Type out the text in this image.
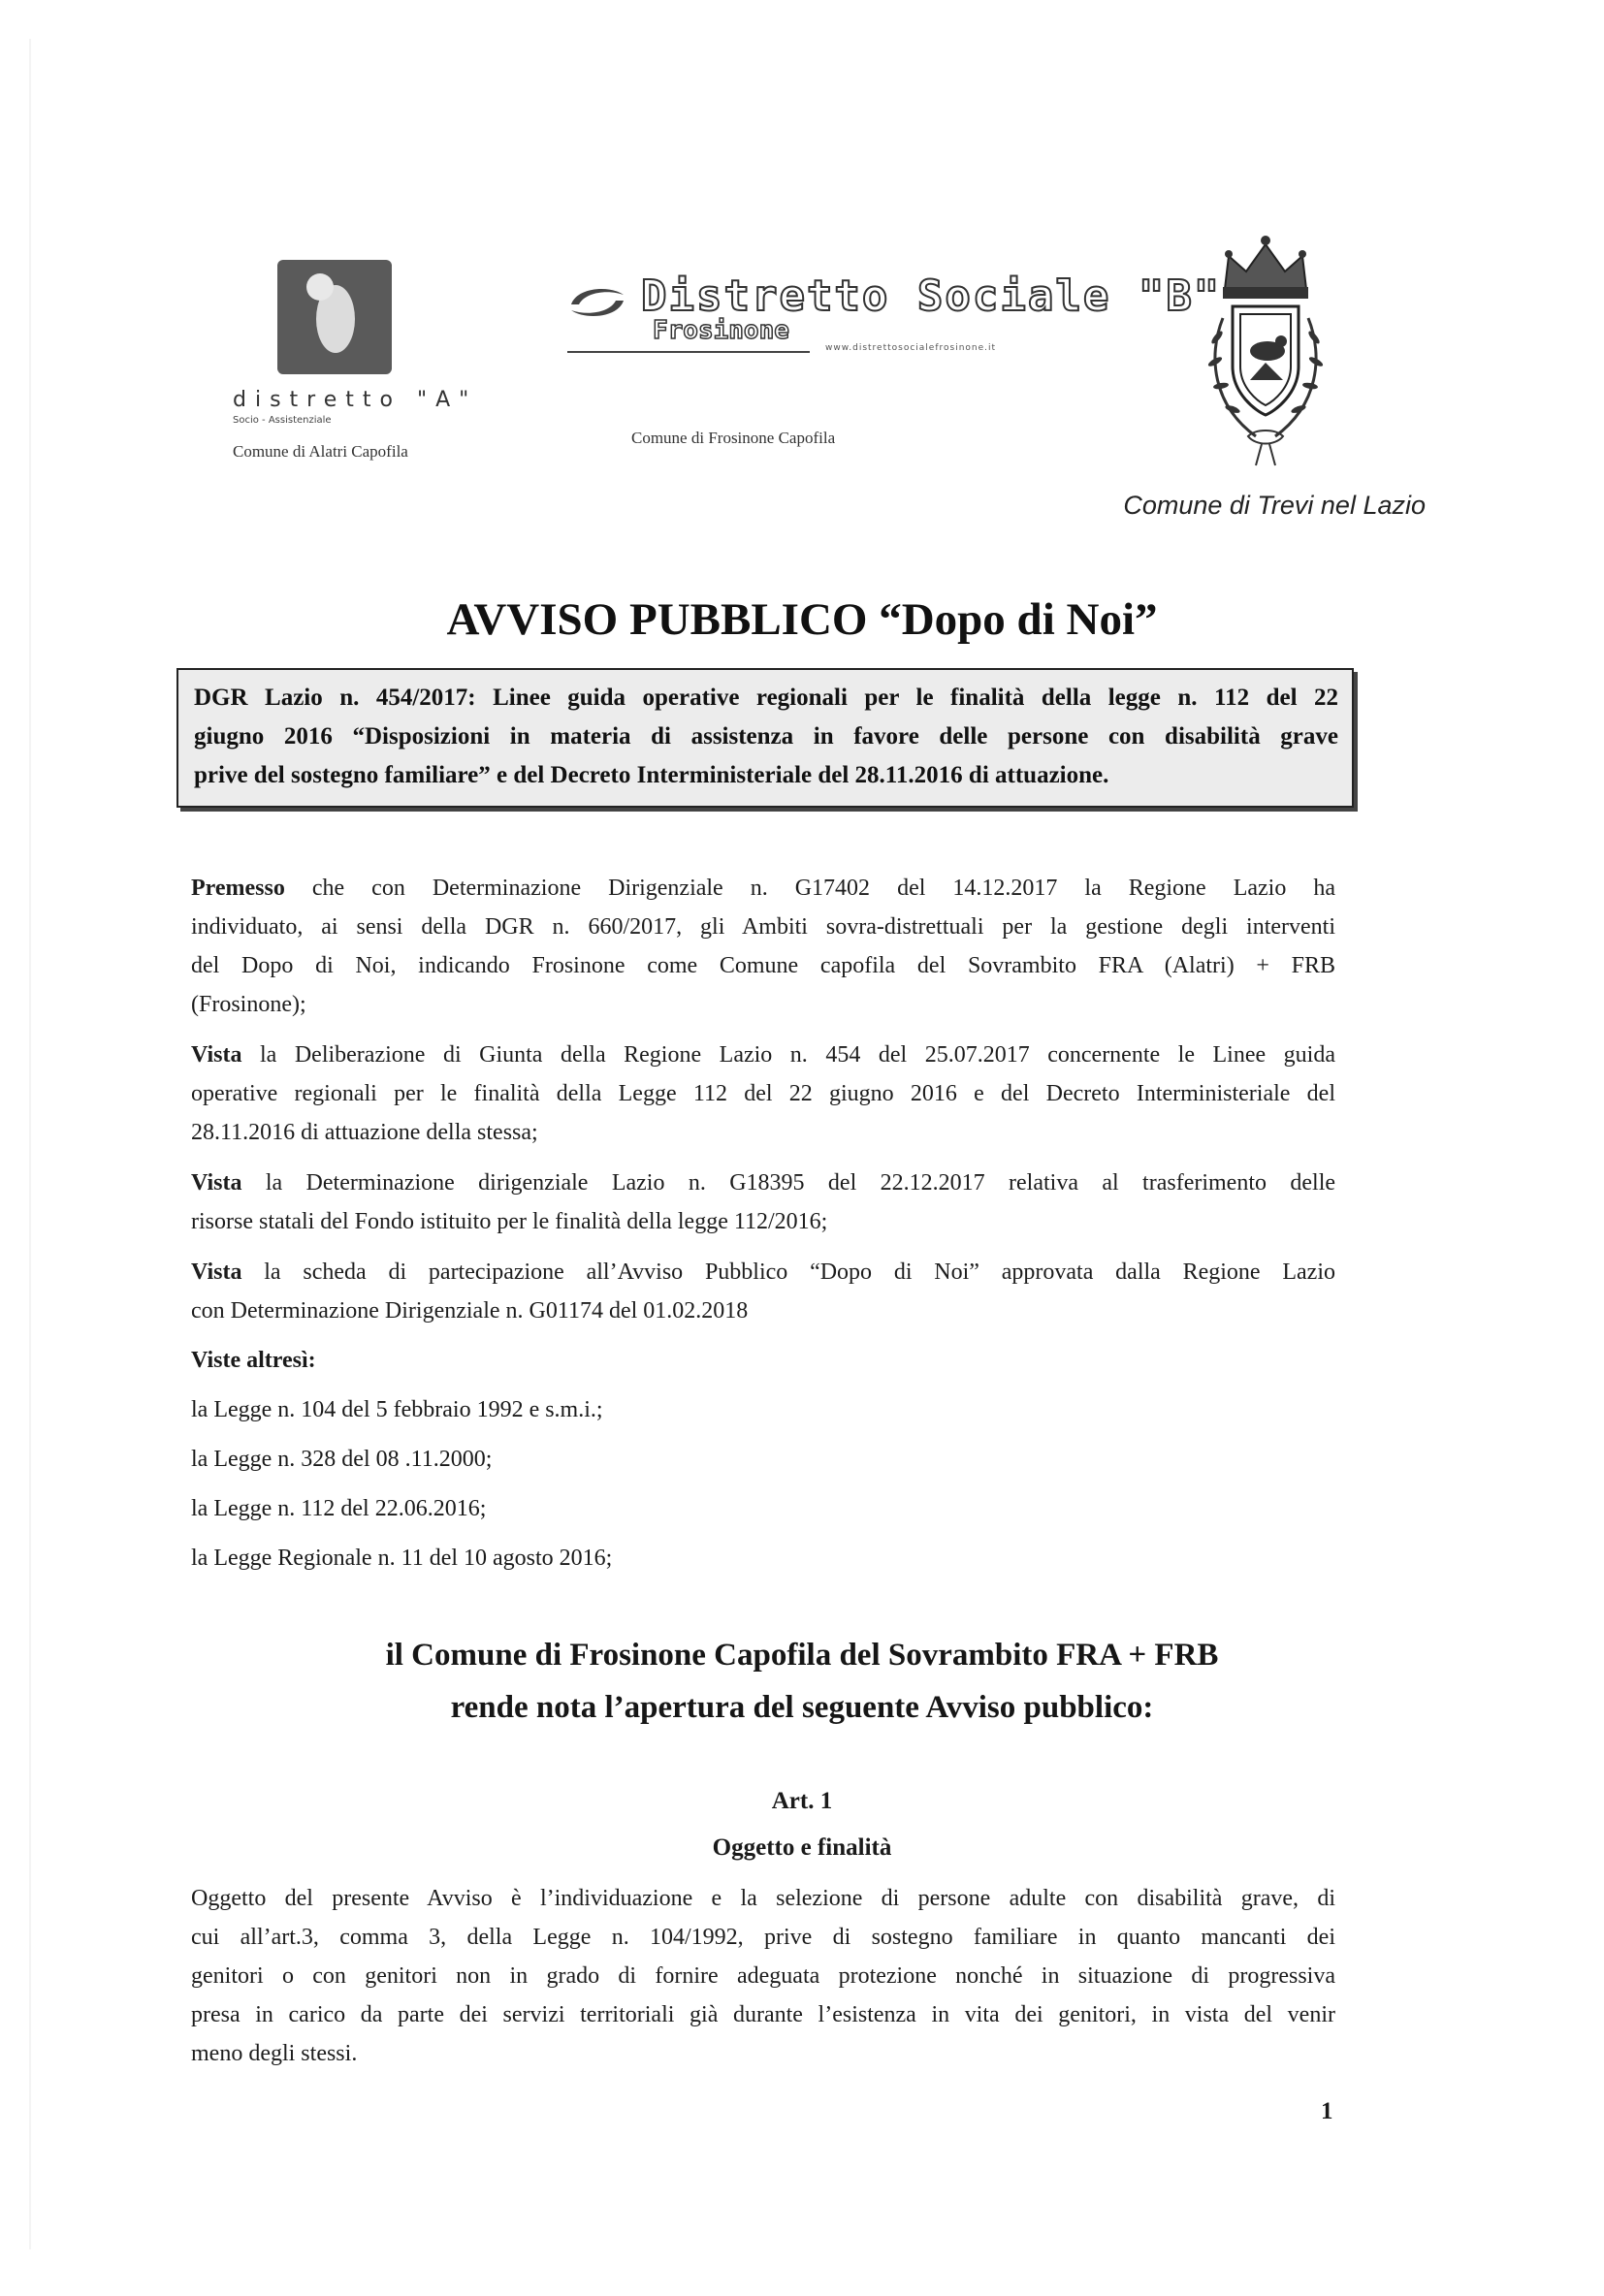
distretto "A"
Socio - Assistenziale
Comune di Alatri Capofila
Distretto Sociale "B"
Frosinone
www.distrettosocialefrosinone.it
Comune di Frosinone Capofila
Comune di Trevi nel Lazio
AVVISO PUBBLICO “Dopo di Noi”

DGR Lazio n. 454/2017: Linee guida operative regionali per le finalità della legge n. 112 del 22

giugno 2016 “Disposizioni in materia di assistenza in favore delle persone con disabilità grave

prive del sostegno familiare” e del Decreto Interministeriale del 28.11.2016 di attuazione.

Premesso che con Determinazione Dirigenziale n. G17402 del 14.12.2017 la Regione Lazio ha
individuato, ai sensi della DGR n. 660/2017, gli Ambiti sovra-distrettuali per la gestione degli interventi
del Dopo di Noi, indicando Frosinone come Comune capofila del Sovrambito FRA (Alatri) + FRB
(Frosinone);

Vista la Deliberazione di Giunta della Regione Lazio n. 454 del 25.07.2017 concernente le Linee guida
operative regionali per le finalità della Legge 112 del 22 giugno 2016 e del Decreto Interministeriale del
28.11.2016 di attuazione della stessa;

Vista la Determinazione dirigenziale Lazio n. G18395 del 22.12.2017 relativa al trasferimento delle
risorse statali del Fondo istituito per le finalità della legge 112/2016;

Vista la scheda di partecipazione all’Avviso Pubblico “Dopo di Noi” approvata dalla Regione Lazio
con Determinazione Dirigenziale n. G01174 del 01.02.2018

Viste altresì:
la Legge n. 104 del 5 febbraio 1992 e s.m.i.;
la Legge n. 328 del 08 .11.2000;
la Legge n. 112 del 22.06.2016;
la Legge Regionale n. 11 del 10 agosto 2016;
il Comune di Frosinone Capofila del Sovrambito FRA + FRB
rende nota l’apertura del seguente Avviso pubblico:
Art. 1
Oggetto e finalità

Oggetto del presente Avviso è l’individuazione e la selezione di persone adulte con disabilità grave, di
cui all’art.3, comma 3, della Legge n. 104/1992, prive di sostegno familiare in quanto mancanti dei
genitori o con genitori non in grado di fornire adeguata protezione nonché in situazione di progressiva
presa in carico da parte dei servizi territoriali già durante l’esistenza in vita dei genitori, in vista del venir
meno degli stessi.

1
